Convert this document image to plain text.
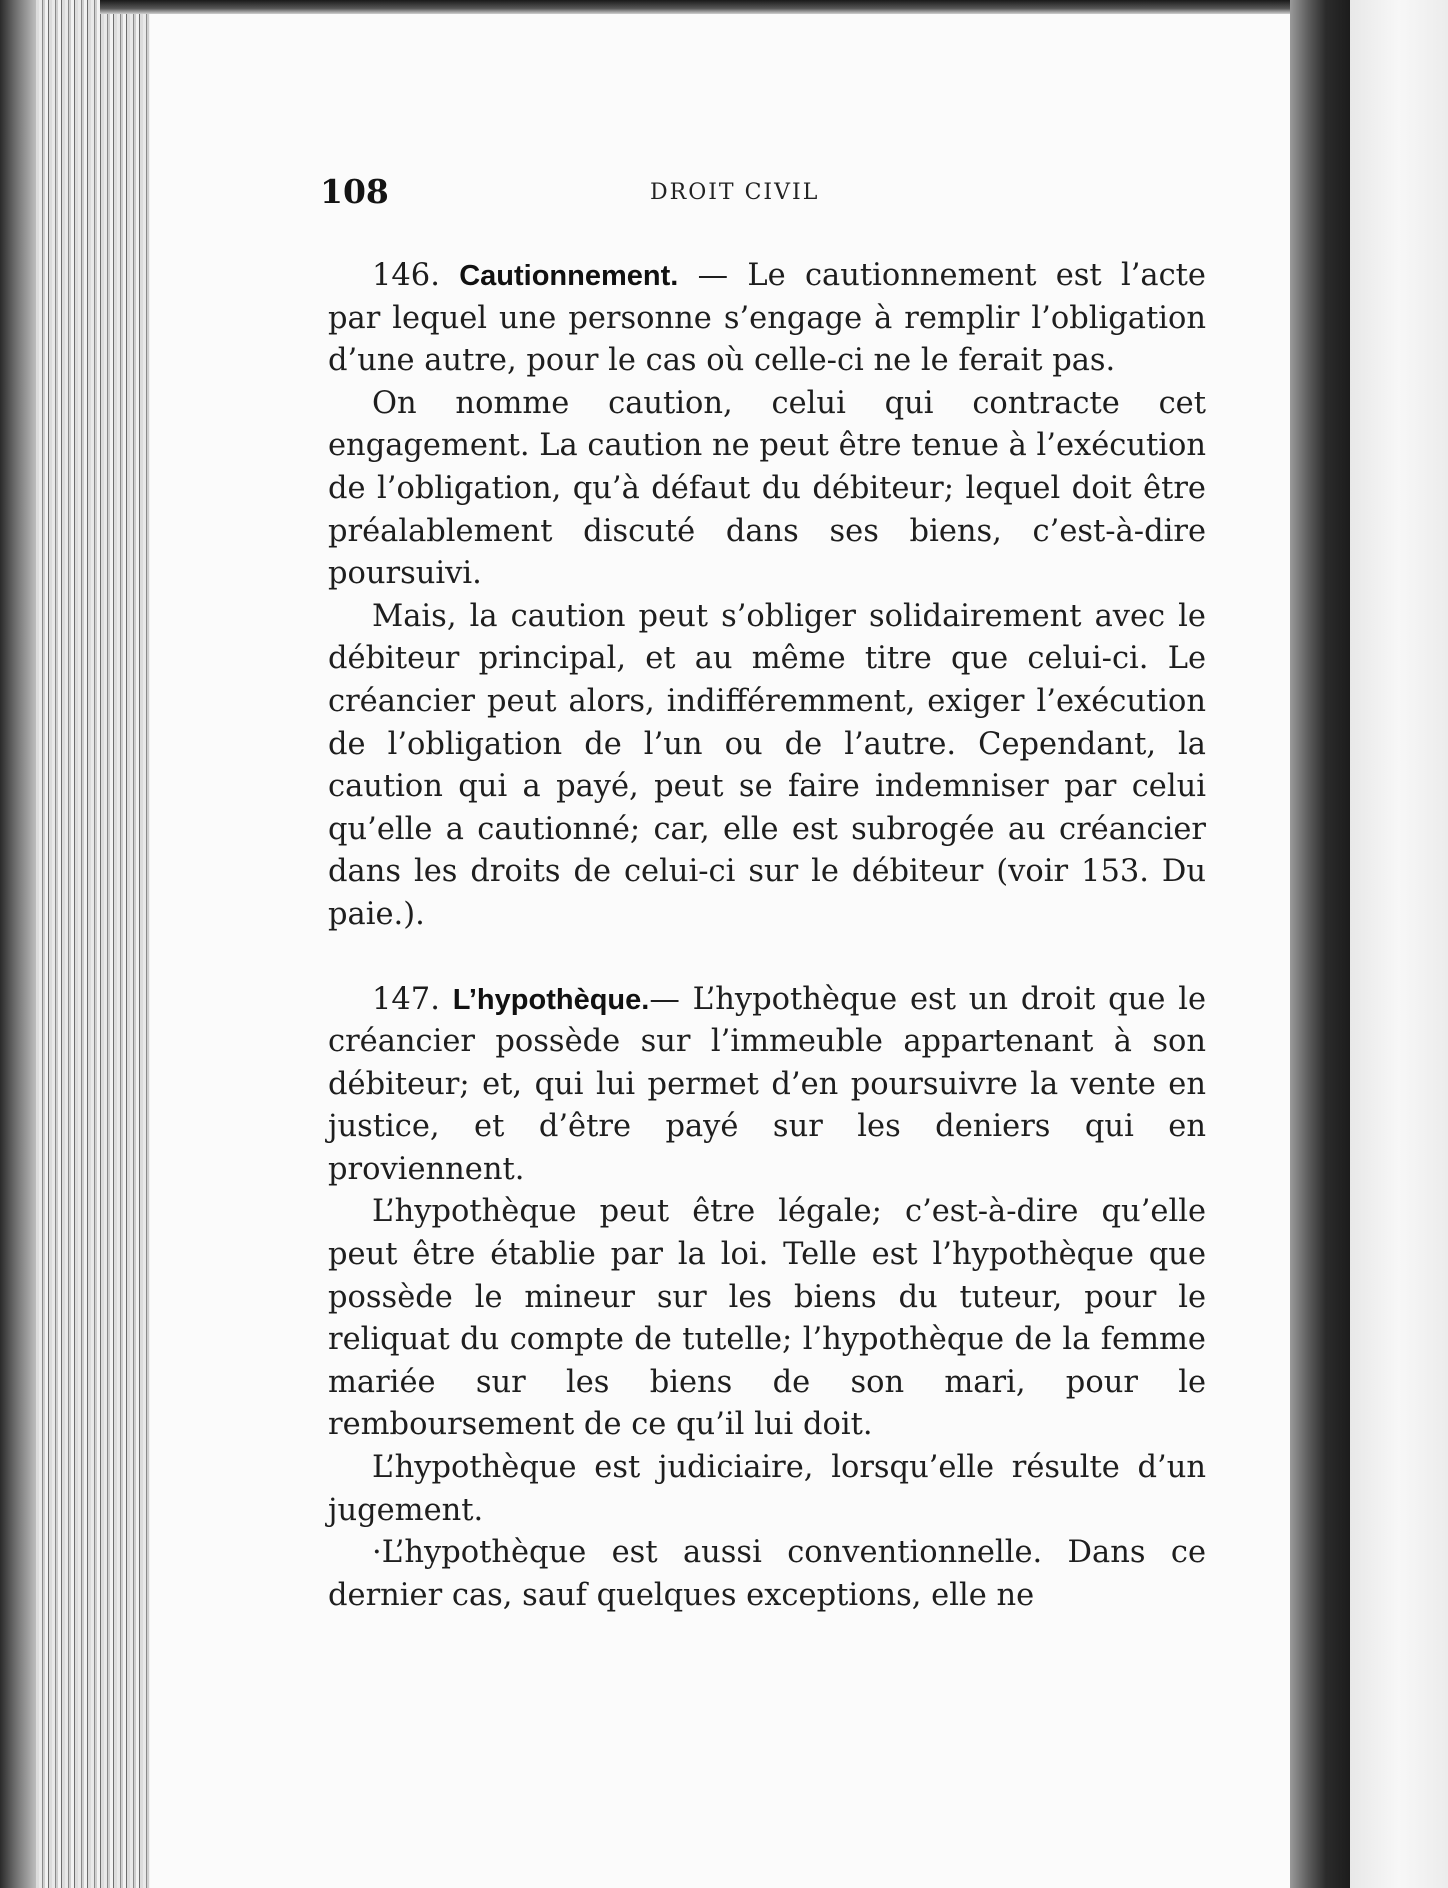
108	DROIT CIVIL

146. Cautionnement. — Le cautionnement est l’acte par lequel une personne s’engage à remplir l’obligation d’une autre, pour le cas où celle-ci ne le ferait pas.

On nomme caution, celui qui contracte cet engagement. La caution ne peut être tenue à l’exécution de l’obligation, qu’à défaut du débiteur; lequel doit être préalablement discuté dans ses biens, c’est-à-dire poursuivi.

Mais, la caution peut s’obliger solidairement avec le débiteur principal, et au même titre que celui-ci. Le créancier peut alors, indifféremment, exiger l’exécution de l’obligation de l’un ou de l’autre. Cependant, la caution qui a payé, peut se faire indemniser par celui qu’elle a cautionné; car, elle est subrogée au créancier dans les droits de celui-ci sur le débiteur (voir 153. Du paie.).

147. L’hypothèque.— L’hypothèque est un droit que le créancier possède sur l’immeuble appartenant à son débiteur; et, qui lui permet d’en poursuivre la vente en justice, et d’être payé sur les deniers qui en proviennent.

L’hypothèque peut être légale; c’est-à-dire qu’elle peut être établie par la loi. Telle est l’hypothèque que possède le mineur sur les biens du tuteur, pour le reliquat du compte de tutelle; l’hypothèque de la femme mariée sur les biens de son mari, pour le remboursement de ce qu’il lui doit.

L’hypothèque est judiciaire, lorsqu’elle résulte d’un jugement.

·L’hypothèque est aussi conventionnelle. Dans ce dernier cas, sauf quelques exceptions, elle ne
